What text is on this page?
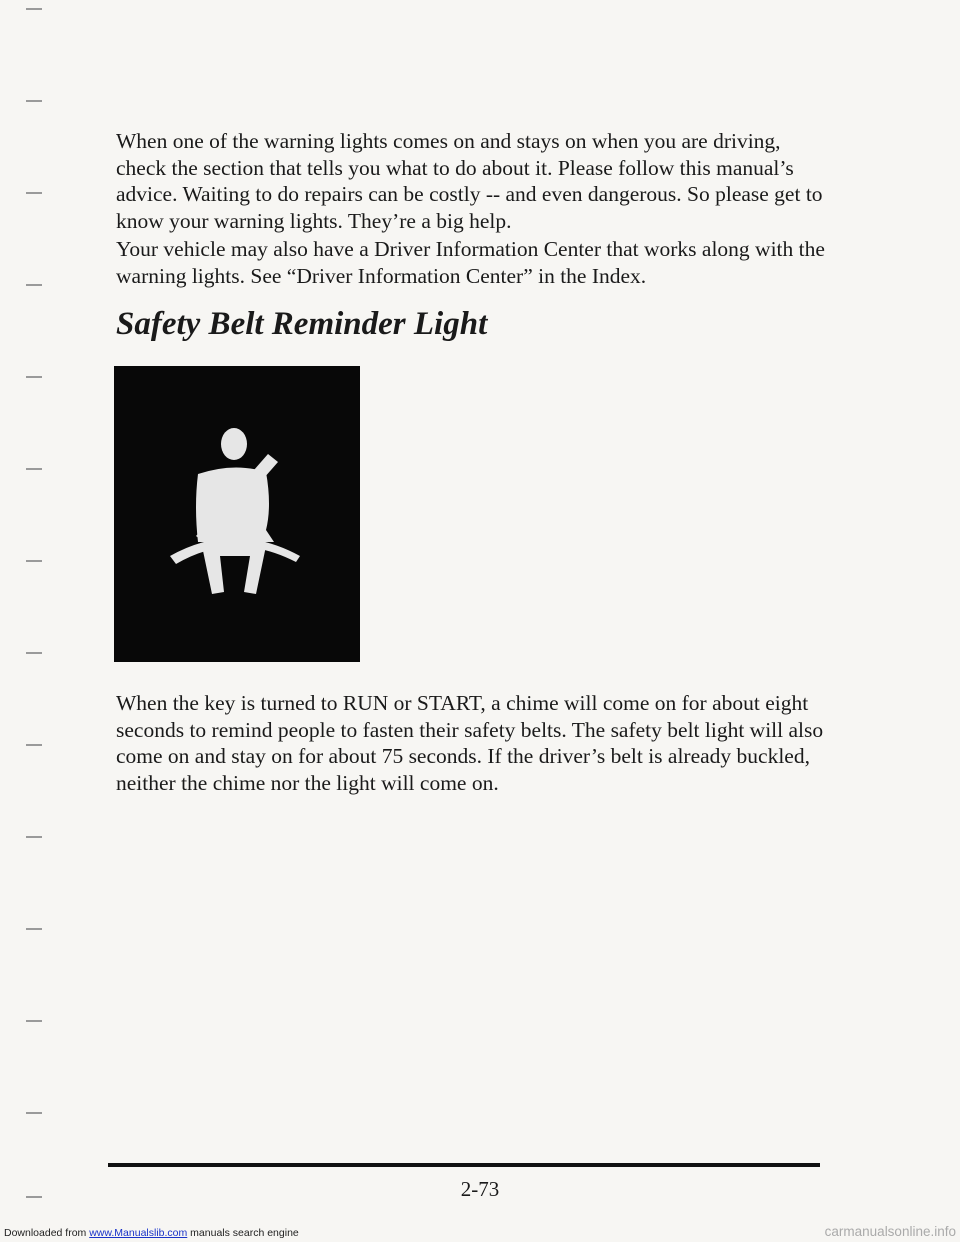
When one of the warning lights comes on and stays on when you are driving, check the section that tells you what to do about it. Please follow this manual’s advice. Waiting to do repairs can be costly -- and even dangerous. So please get to know your warning lights. They’re a big help.

Your vehicle may also have a Driver Information Center that works along with the warning lights. See “Driver Information Center” in the Index.

Safety Belt Reminder Light

When the key is turned to RUN or START, a chime will come on for about eight seconds to remind people to fasten their safety belts. The safety belt light will also come on and stay on for about 75 seconds. If the driver’s belt is already buckled, neither the chime nor the light will come on.

2-73

Downloaded from www.Manualslib.com manuals search engine	carmanualsonline.info
